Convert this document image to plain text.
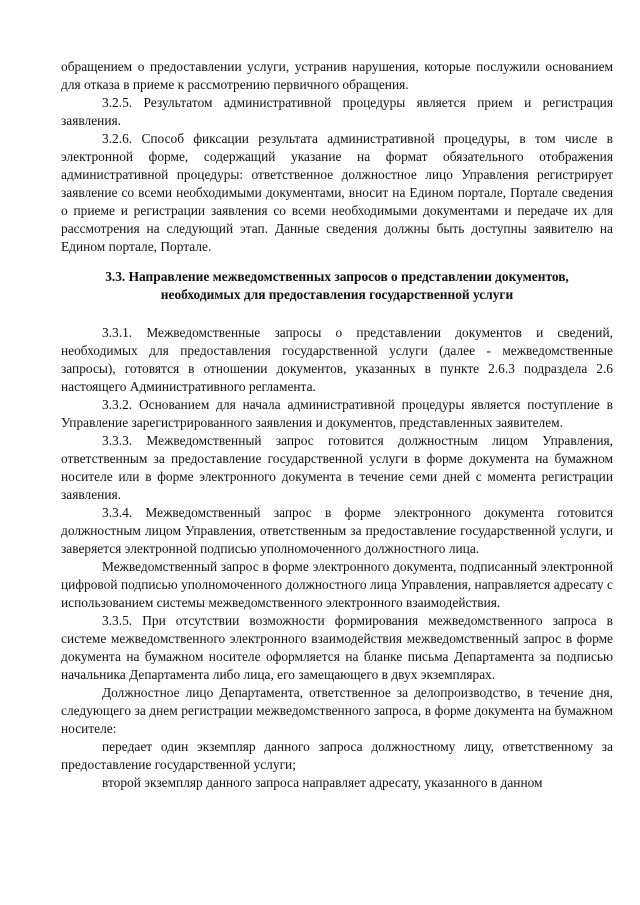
обращением о предоставлении услуги, устранив нарушения, которые послужили основанием для отказа в приеме к рассмотрению первичного обращения.

3.2.5. Результатом административной процедуры является прием и регистрация заявления.

3.2.6. Способ фиксации результата административной процедуры, в том числе в электронной форме, содержащий указание на формат обязательного отображения административной процедуры: ответственное должностное лицо Управления регистрирует заявление со всеми необходимыми документами, вносит на Едином портале, Портале сведения о приеме и регистрации заявления со всеми необходимыми документами и передаче их для рассмотрения на следующий этап. Данные сведения должны быть доступны заявителю на Едином портале, Портале.

3.3. Направление межведомственных запросов о представлении документов,
необходимых для предоставления государственной услуги

3.3.1. Межведомственные запросы о представлении документов и сведений, необходимых для предоставления государственной услуги (далее - межведомственные запросы), готовятся в отношении документов, указанных в пункте 2.6.3 подраздела 2.6 настоящего Административного регламента.

3.3.2. Основанием для начала административной процедуры является поступление в Управление зарегистрированного заявления и документов, представленных заявителем.

3.3.3. Межведомственный запрос готовится должностным лицом Управления, ответственным за предоставление государственной услуги в форме документа на бумажном носителе или в форме электронного документа в течение семи дней с момента регистрации заявления.

3.3.4. Межведомственный запрос в форме электронного документа готовится должностным лицом Управления, ответственным за предоставление государственной услуги, и заверяется электронной подписью уполномоченного должностного лица.

Межведомственный запрос в форме электронного документа, подписанный электронной цифровой подписью уполномоченного должностного лица Управления, направляется адресату с использованием системы межведомственного электронного взаимодействия.

3.3.5. При отсутствии возможности формирования межведомственного запроса в системе межведомственного электронного взаимодействия межведомственный запрос в форме документа на бумажном носителе оформляется на бланке письма Департамента за подписью начальника Департамента либо лица, его замещающего в двух экземплярах.

Должностное лицо Департамента, ответственное за делопроизводство, в течение дня, следующего за днем регистрации межведомственного запроса, в форме документа на бумажном носителе:

передает один экземпляр данного запроса должностному лицу, ответственному за предоставление государственной услуги;

второй экземпляр данного запроса направляет адресату, указанного в данном
